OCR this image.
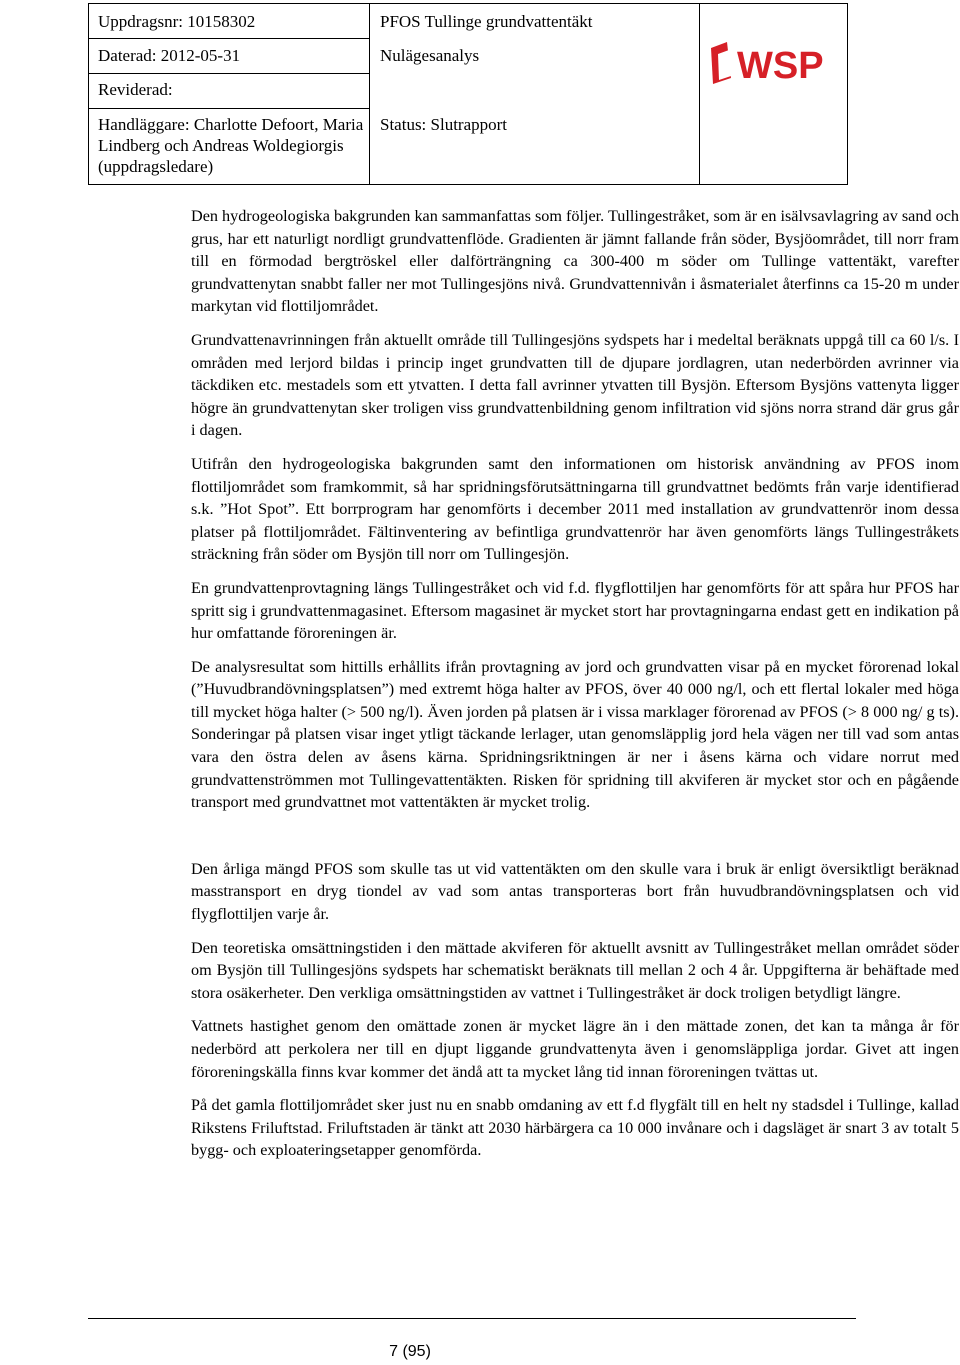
Uppdragsnr: 10158302
Daterad: 2012-05-31
Reviderad:
Handläggare: Charlotte Defoort, Maria Lindberg och Andreas Woldegiorgis (uppdragsledare)
PFOS Tullinge grundvattentäkt
Nulägesanalys
Status: Slutrapport
WSP

Den hydrogeologiska bakgrunden kan sammanfattas som följer. Tullingestråket, som är en isälvsavlagring av sand och grus, har ett naturligt nordligt grundvattenflöde. Gradienten är jämnt fallande från söder, Bysjöområdet, till norr fram till en förmodad bergtröskel eller dalförträngning ca 300-400 m söder om Tullinge vattentäkt, varefter grundvattenytan snabbt faller ner mot Tullingesjöns nivå. Grundvattennivån i åsmaterialet återfinns ca 15-20 m under markytan vid flottiljområdet.

Grundvattenavrinningen från aktuellt område till Tullingesjöns sydspets har i medeltal beräknats uppgå till ca 60 l/s. I områden med lerjord bildas i princip inget grundvatten till de djupare jordlagren, utan nederbörden avrinner via täckdiken etc. mestadels som ett ytvatten. I detta fall avrinner ytvatten till Bysjön. Eftersom Bysjöns vattenyta ligger högre än grundvattenytan sker troligen viss grundvattenbildning genom infiltration vid sjöns norra strand där grus går i dagen.

Utifrån den hydrogeologiska bakgrunden samt den informationen om historisk användning av PFOS inom flottiljområdet som framkommit, så har spridningsförutsättningarna till grundvattnet bedömts från varje identifierad s.k. ”Hot Spot”. Ett borrprogram har genomförts i december 2011 med installation av grundvattenrör inom dessa platser på flottiljområdet. Fältinventering av befintliga grundvattenrör har även genomförts längs Tullingestråkets sträckning från söder om Bysjön till norr om Tullingesjön.

En grundvattenprovtagning längs Tullingestråket och vid f.d. flygflottiljen har genomförts för att spåra hur PFOS har spritt sig i grundvattenmagasinet. Eftersom magasinet är mycket stort har provtagningarna endast gett en indikation på hur omfattande föroreningen är.

De analysresultat som hittills erhållits ifrån provtagning av jord och grundvatten visar på en mycket förorenad lokal (”Huvudbrandövningsplatsen”) med extremt höga halter av PFOS, över 40 000 ng/l, och ett flertal lokaler med höga till mycket höga halter (> 500 ng/l). Även jorden på platsen är i vissa marklager förorenad av PFOS (> 8 000 ng/ g ts). Sonderingar på platsen visar inget ytligt täckande lerlager, utan genomsläpplig jord hela vägen ner till vad som antas vara den östra delen av åsens kärna. Spridningsriktningen är ner i åsens kärna och vidare norrut med grundvattenströmmen mot Tullingevattentäkten. Risken för spridning till akviferen är mycket stor och en pågående transport med grundvattnet mot vattentäkten är mycket trolig.

Den årliga mängd PFOS som skulle tas ut vid vattentäkten om den skulle vara i bruk är enligt översiktligt beräknad masstransport en dryg tiondel av vad som antas transporteras bort från huvudbrandövningsplatsen och vid flygflottiljen varje år.

Den teoretiska omsättningstiden i den mättade akviferen för aktuellt avsnitt av Tullingestråket mellan området söder om Bysjön till Tullingesjöns sydspets har schematiskt beräknats till mellan 2 och 4 år. Uppgifterna är behäftade med stora osäkerheter. Den verkliga omsättningstiden av vattnet i Tullingestråket är dock troligen betydligt längre.

Vattnets hastighet genom den omättade zonen är mycket lägre än i den mättade zonen, det kan ta många år för nederbörd att perkolera ner till en djupt liggande grundvattenyta även i genomsläppliga jordar. Givet att ingen föroreningskälla finns kvar kommer det ändå att ta mycket lång tid innan föroreningen tvättas ut.

På det gamla flottiljområdet sker just nu en snabb omdaning av ett f.d flygfält till en helt ny stadsdel i Tullinge, kallad Rikstens Friluftstad. Friluftstaden är tänkt att 2030 härbärgera ca 10 000 invånare och i dagsläget är snart 3 av totalt 5 bygg- och exploateringsetapper genomförda.

7 (95)
